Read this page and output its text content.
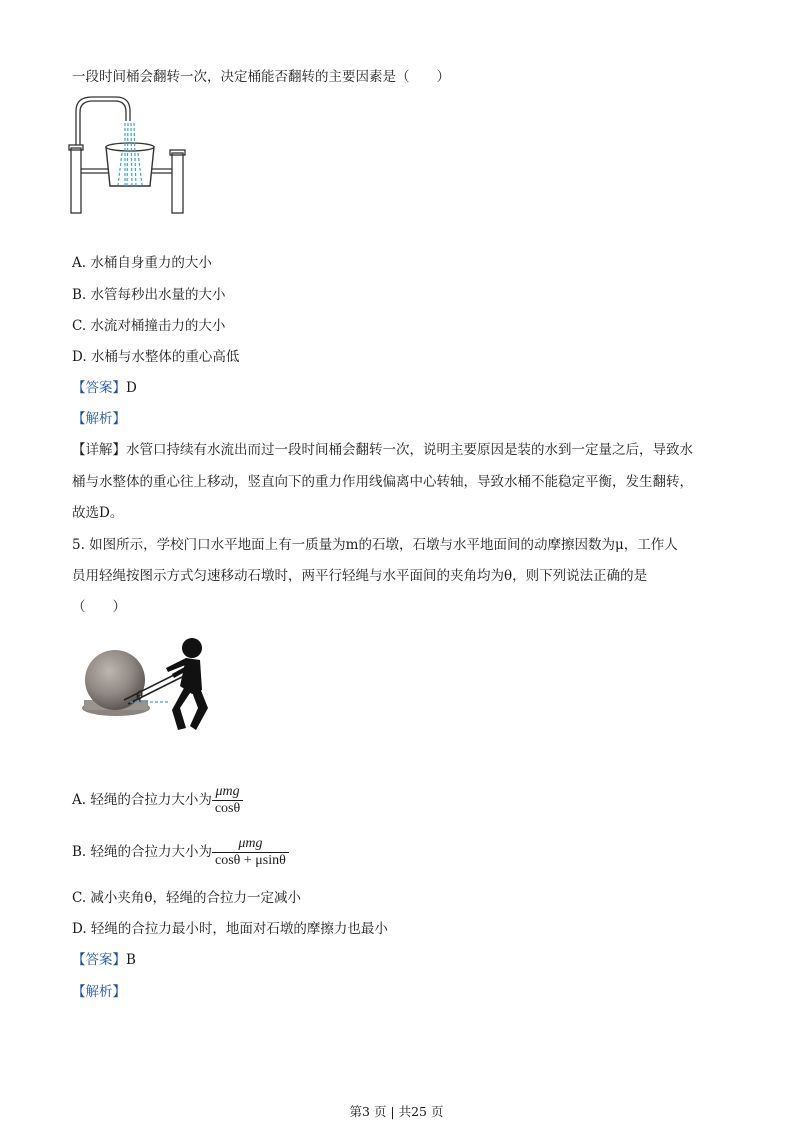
一段时间桶会翻转一次，决定桶能否翻转的主要因素是（　　）
A. 水桶自身重力的大小
B. 水管每秒出水量的大小
C. 水流对桶撞击力的大小
D. 水桶与水整体的重心高低
【答案】D
【解析】
【详解】水管口持续有水流出而过一段时间桶会翻转一次，说明主要原因是装的水到一定量之后，导致水
桶与水整体的重心往上移动，竖直向下的重力作用线偏离中心转轴，导致水桶不能稳定平衡，发生翻转，
故选D。
5. 如图所示，学校门口水平地面上有一质量为m的石墩，石墩与水平地面间的动摩擦因数为μ，工作人
员用轻绳按图示方式匀速移动石墩时，两平行轻绳与水平面间的夹角均为θ，则下列说法正确的是
（　　）
θ
A. 轻绳的合拉力大小为 $\frac{\text{μmg}}{\cos\theta}$
B. 轻绳的合拉力大小为 $\frac{\text{μmg}}{\cos\theta + \mu\sin\theta}$
C. 减小夹角θ，轻绳的合拉力一定减小
D. 轻绳的合拉力最小时，地面对石墩的摩擦力也最小
【答案】B
【解析】
第3 页 | 共25 页
